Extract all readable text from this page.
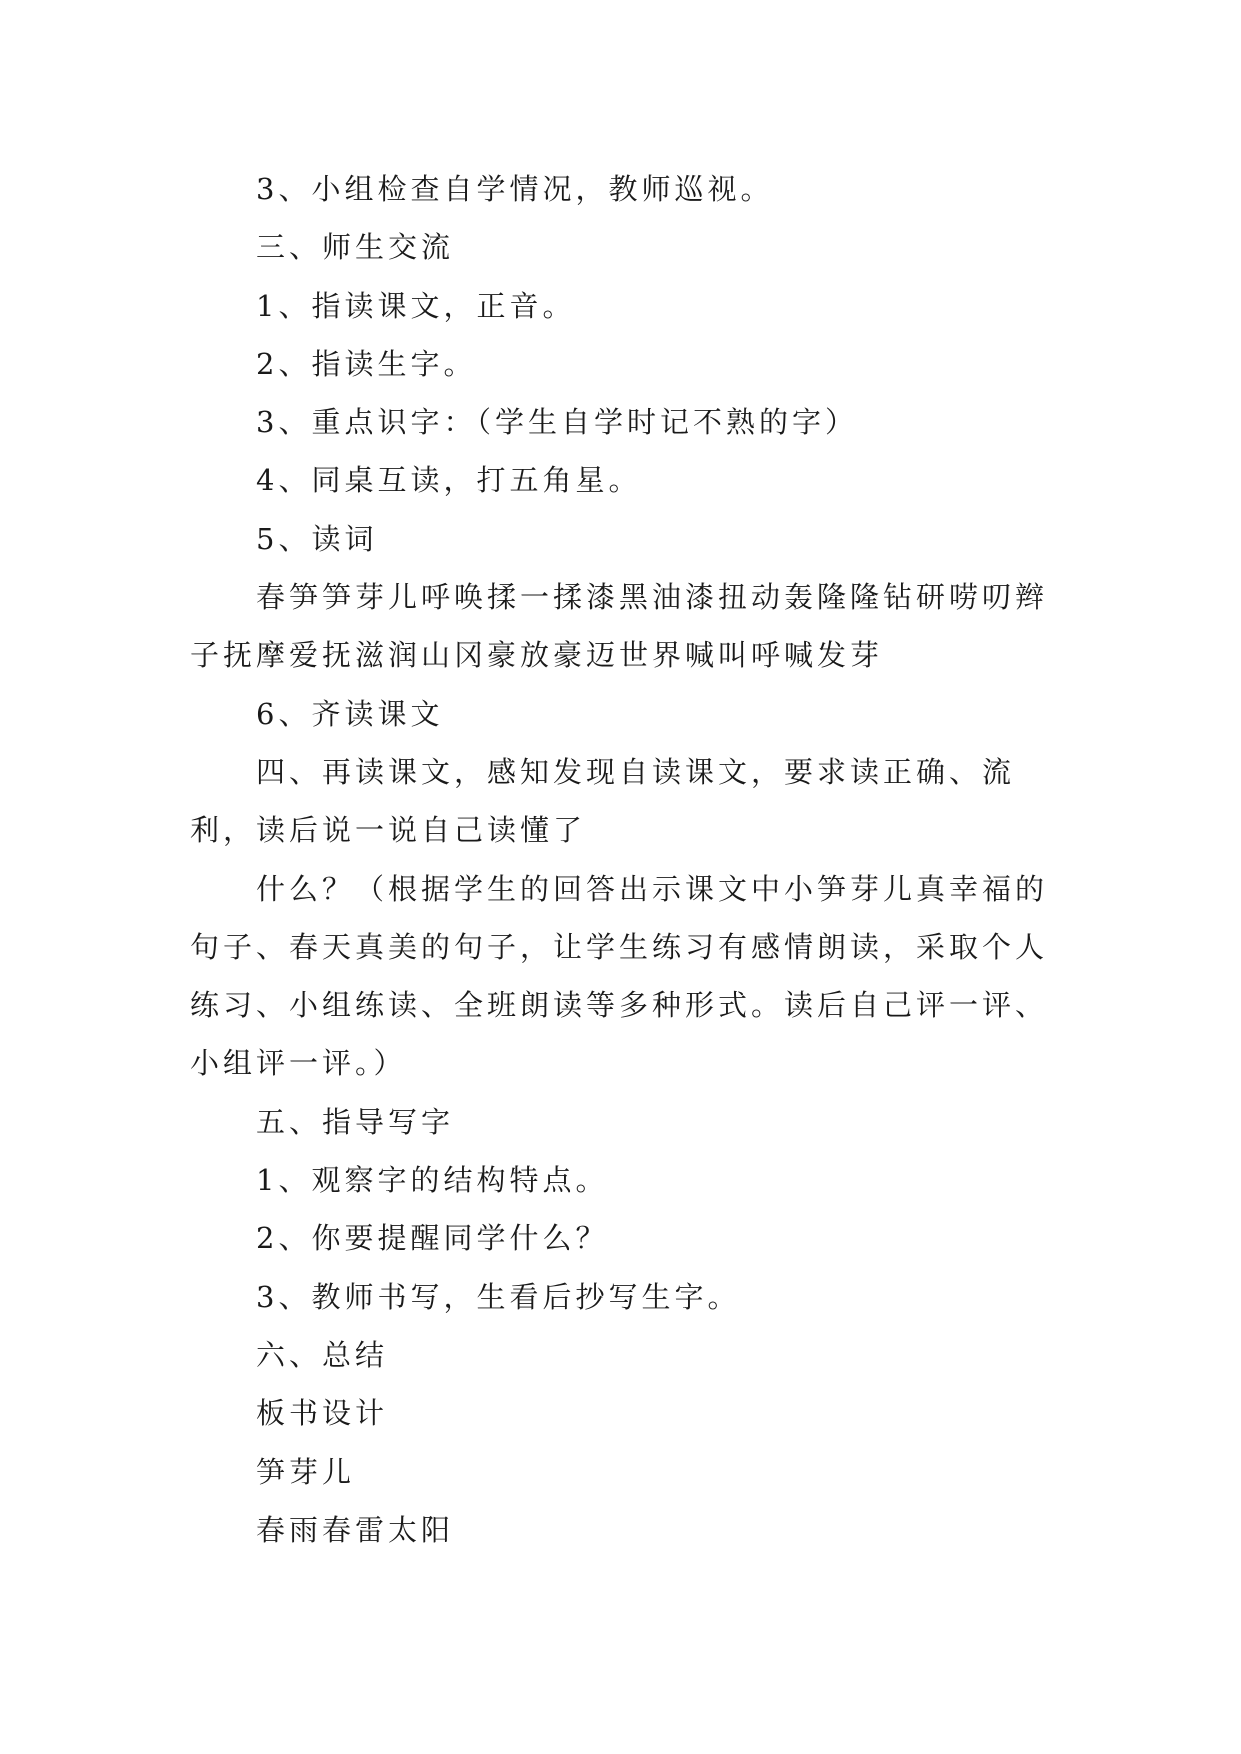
3、小组检查自学情况，教师巡视。

三、师生交流

1、指读课文，正音。

2、指读生字。

3、重点识字：（学生自学时记不熟的字）

4、同桌互读，打五角星。

5、读词

春笋笋芽儿呼唤揉一揉漆黑油漆扭动轰隆隆钻研唠叨辫子抚摩爱抚滋润山冈豪放豪迈世界喊叫呼喊发芽

6、齐读课文

四、再读课文，感知发现自读课文，要求读正确、流利，读后说一说自己读懂了

什么？（根据学生的回答出示课文中小笋芽儿真幸福的句子、春天真美的句子，让学生练习有感情朗读，采取个人练习、小组练读、全班朗读等多种形式。读后自己评一评、小组评一评。）

五、指导写字

1、观察字的结构特点。

2、你要提醒同学什么？

3、教师书写，生看后抄写生字。

六、总结

板书设计

笋芽儿

春雨春雷太阳
